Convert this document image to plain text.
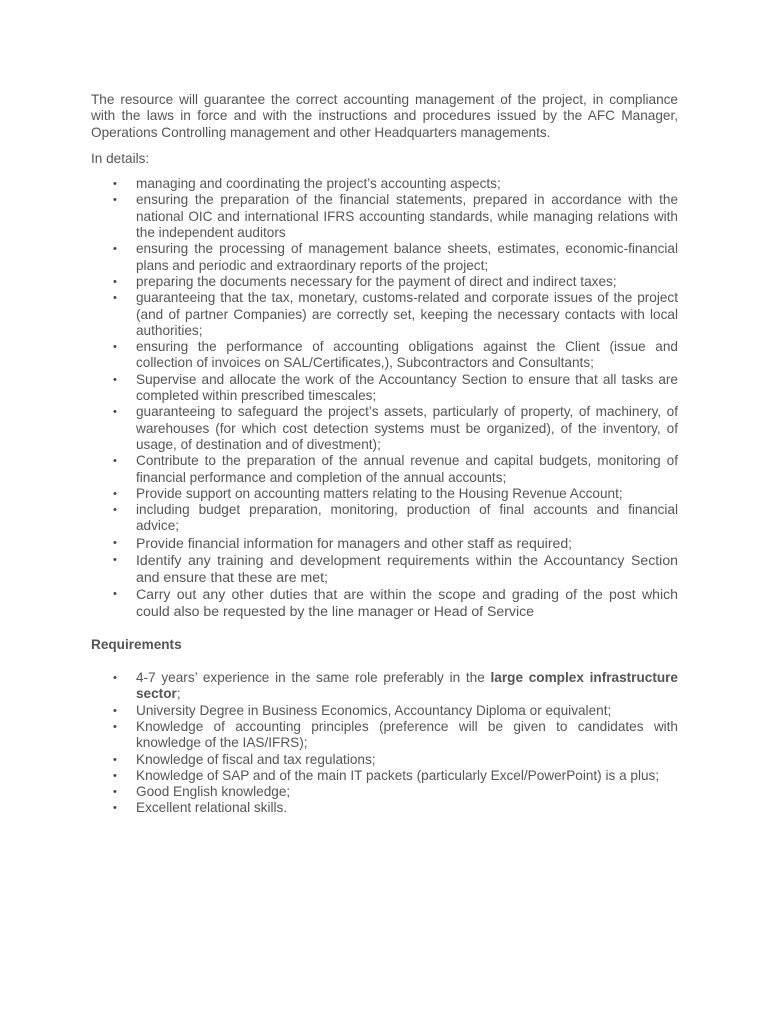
The resource will guarantee the correct accounting management of the project, in compliance with the laws in force and with the instructions and procedures issued by the AFC Manager, Operations Controlling management and other Headquarters managements.

In details:

• managing and coordinating the project’s accounting aspects;
• ensuring the preparation of the financial statements, prepared in accordance with the national OIC and international IFRS accounting standards, while managing relations with the independent auditors
• ensuring the processing of management balance sheets, estimates, economic-financial plans and periodic and extraordinary reports of the project;
• preparing the documents necessary for the payment of direct and indirect taxes;
• guaranteeing that the tax, monetary, customs-related and corporate issues of the project (and of partner Companies) are correctly set, keeping the necessary contacts with local authorities;
• ensuring the performance of accounting obligations against the Client (issue and collection of invoices on SAL/Certificates,), Subcontractors and Consultants;
• Supervise and allocate the work of the Accountancy Section to ensure that all tasks are completed within prescribed timescales;
• guaranteeing to safeguard the project’s assets, particularly of property, of machinery, of warehouses (for which cost detection systems must be organized), of the inventory, of usage, of destination and of divestment);
• Contribute to the preparation of the annual revenue and capital budgets, monitoring of financial performance and completion of the annual accounts;
• Provide support on accounting matters relating to the Housing Revenue Account;
• including budget preparation, monitoring, production of final accounts and financial advice;
• Provide financial information for managers and other staff as required;
• Identify any training and development requirements within the Accountancy Section and ensure that these are met;
• Carry out any other duties that are within the scope and grading of the post which could also be requested by the line manager or Head of Service

Requirements

• 4-7 years’ experience in the same role preferably in the large complex infrastructure sector;
• University Degree in Business Economics, Accountancy Diploma or equivalent;
• Knowledge of accounting principles (preference will be given to candidates with knowledge of the IAS/IFRS);
• Knowledge of fiscal and tax regulations;
• Knowledge of SAP and of the main IT packets (particularly Excel/PowerPoint) is a plus;
• Good English knowledge;
• Excellent relational skills.
